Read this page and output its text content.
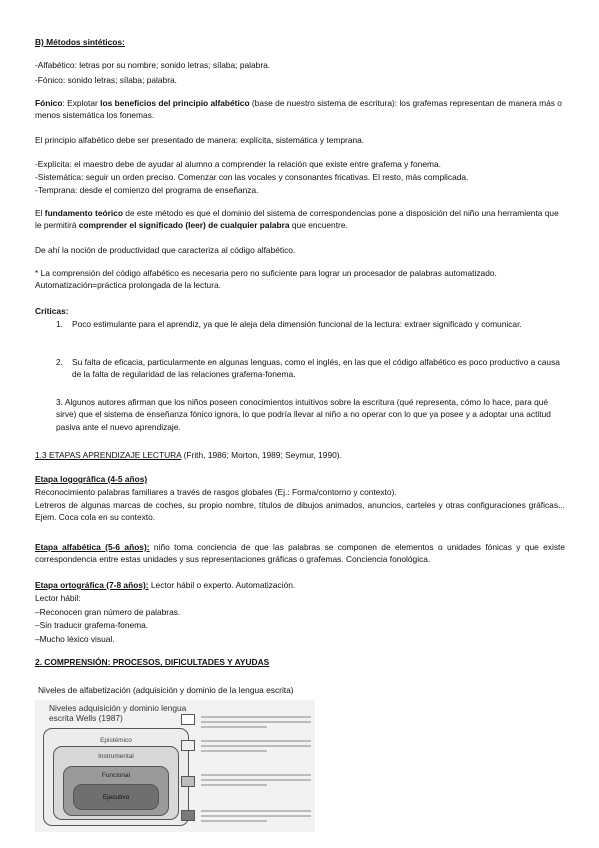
B) Métodos sintéticos:

-Alfabético: letras por su nombre; sonido letras; sílaba; palabra.

-Fónico: sonido letras; sílaba; palabra.

Fónico: Explotar los beneficios del principio alfabético (base de nuestro sistema de escritura): los grafemas representan de manera más o menos sistemática los fonemas.

El principio alfabético debe ser presentado de manera: explícita, sistemática y temprana.

-Explícita: el maestro debe de ayudar al alumno a comprender la relación que existe entre grafema y fonema.

-Sistemática: seguir un orden preciso. Comenzar con las vocales y consonantes fricativas. El resto, más complicada.

-Temprana: desde el comienzo del programa de enseñanza.

El fundamento teórico de este método es que el dominio del sistema de correspondencias pone a disposición del niño una herramienta que le permitirá comprender el significado (leer) de cualquier palabra que encuentre.

De ahí la noción de productividad que caracteriza al código alfabético.

* La comprensión del código alfabético es necesaria pero no suficiente para lograr un procesador de palabras automatizado. Automatización=práctica prolongada de la lectura.

Críticas:

1. Poco estimulante para el aprendiz, ya que le aleja dela dimensión funcional de la lectura: extraer significado y comunicar.
2. Su falta de eficacia, particularmente en algunas lenguas, como el inglés, en las que el código alfabético es poco productivo a causa de la falta de regularidad de las relaciones grafema-fonema.

3. Algunos autores afirman que los niños poseen conocimientos intuitivos sobre la escritura (qué representa, cómo lo hace, para qué sirve) que el sistema de enseñanza fónico ignora, lo que podría llevar al niño a no operar con lo que ya posee y a adoptar una actitud pasiva ante el nuevo aprendizaje.

1.3 ETAPAS APRENDIZAJE LECTURA (Frith, 1986; Morton, 1989; Seymur, 1990).

Etapa logográfica (4-5 años)

Reconocimiento palabras familiares a través de rasgos globales (Ej.: Forma/contorno y contexto).

Letreros de algunas marcas de coches, su propio nombre, títulos de dibujos animados, anuncios, carteles y otras configuraciones gráficas... Ejem. Coca cola en su contexto.

Etapa alfabética (5-6 años): niño toma conciencia de que las palabras se componen de elementos o unidades fónicas y que existe correspondencia entre estas unidades y sus representaciones gráficas o grafemas. Conciencia fonológica.

Etapa ortográfica (7-8 años): Lector hábil o experto. Automatización.

Lector hábil:

–Reconocen gran número de palabras.

–Sin traducir grafema-fonema.

–Mucho léxico visual.

2. COMPRENSIÓN: PROCESOS, DIFICULTADES Y AYUDAS

Niveles de alfabetización (adquisición y dominio de la lengua escrita)

Niveles adquisición y dominio lengua escrita Wells (1987)
Epistémico
Instrumental
Funcional
Ejecutivo
